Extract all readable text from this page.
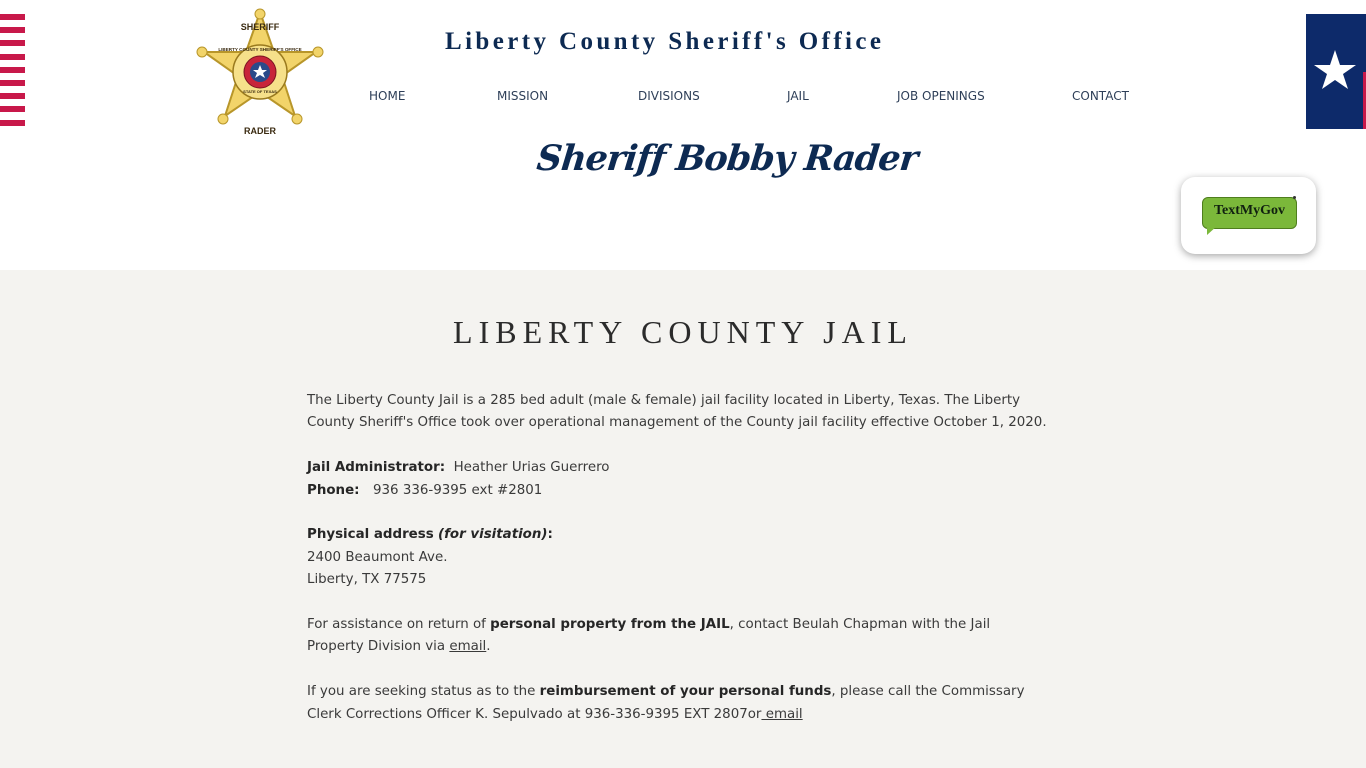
SHERIFF
LIBERTY COUNTY SHERIFF'S OFFICE
STATE OF TEXAS
RADER
Liberty County Sheriff's Office
HOME	MISSION	DIVISIONS	JAIL	JOB OPENINGS	CONTACT
Sheriff Bobby Rader
TextMyGov
LIBERTY COUNTY JAIL

The Liberty County Jail is a 285 bed adult (male & female) jail facility located in Liberty, Texas. The Liberty County Sheriff's Office took over operational management of the County jail facility effective October 1, 2020.

Jail Administrator: Heather Urias Guerrero

Phone: 936 336-9395 ext #2801

Physical address (for visitation):

2400 Beaumont Ave.

Liberty, TX 77575

For assistance on return of personal property from the JAIL, contact Beulah Chapman with the Jail Property Division via email.

If you are seeking status as to the reimbursement of your personal funds, please call the Commissary Clerk Corrections Officer K. Sepulvado at 936-336-9395 EXT 2807or email
